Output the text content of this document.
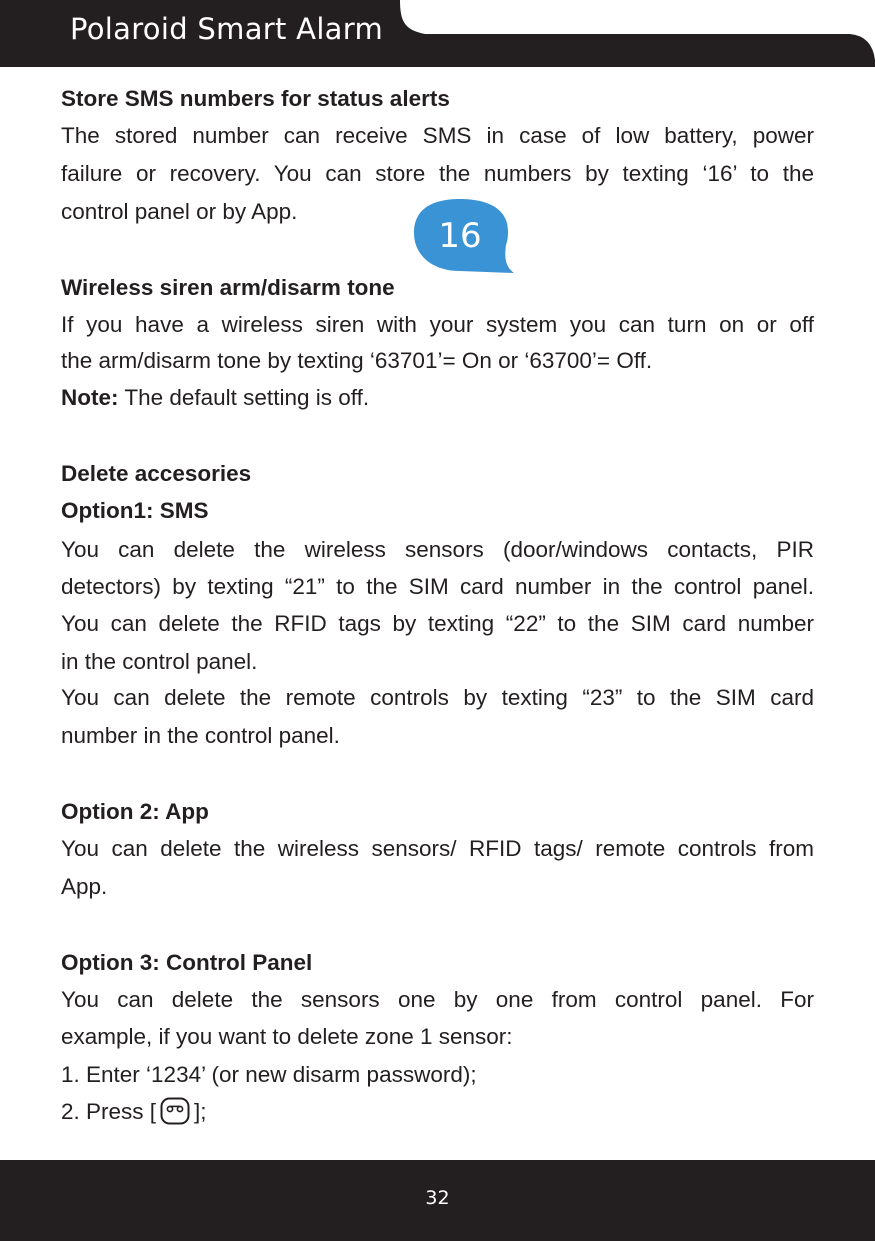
Polaroid Smart Alarm
16
Store SMS numbers for status alerts
The stored number can receive SMS in case of low battery, power
failure or recovery. You can store the numbers by texting ‘16’ to the
control panel or by App.
Wireless siren arm/disarm tone
If you have a wireless siren with your system you can turn on or off
the arm/disarm tone by texting ‘63701’= On or ‘63700’= Off.
Note: The default setting is off.
Delete accesories
Option1: SMS
You can delete the wireless sensors (door/windows contacts, PIR
detectors) by texting “21” to the SIM card number in the control panel.
You can delete the RFID tags by texting “22” to the SIM card number
in the control panel.
You can delete the remote controls by texting “23” to the SIM card
number in the control panel.
Option 2: App
You can delete the wireless sensors/ RFID tags/ remote controls from
App.
Option 3: Control Panel
You can delete the sensors one by one from control panel. For
example, if you want to delete zone 1 sensor:
1. Enter ‘1234’ (or new disarm password);
2. Press [ ];
32
